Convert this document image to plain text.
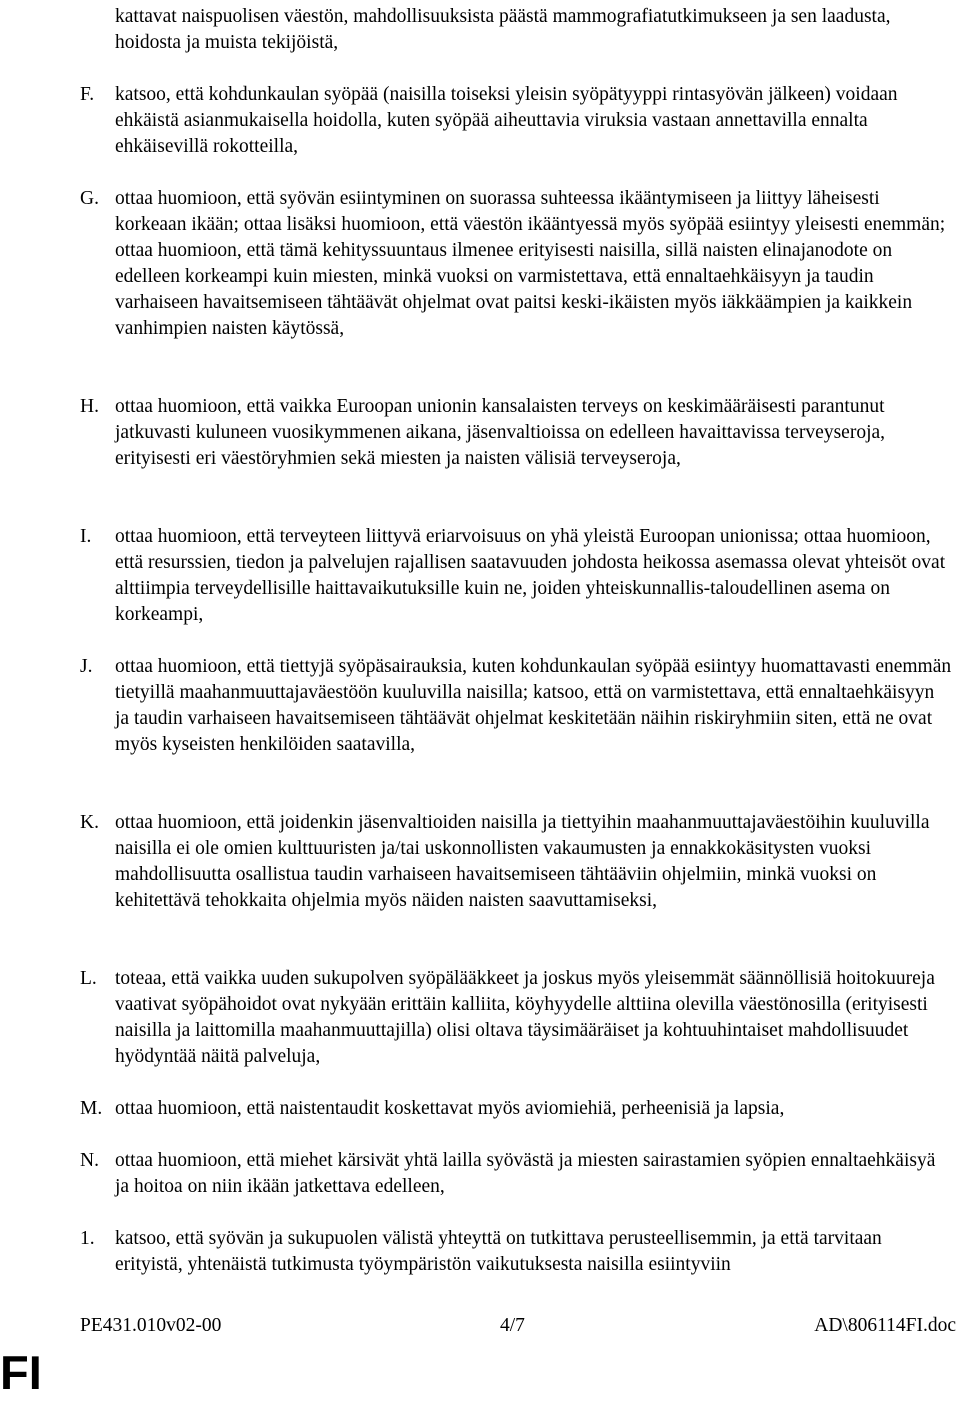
kattavat naispuolisen väestön, mahdollisuuksista päästä mammografiatutkimukseen ja sen laadusta, hoidosta ja muista tekijöistä,
F.	katsoo, että kohdunkaulan syöpää (naisilla toiseksi yleisin syöpätyyppi rintasyövän jälkeen) voidaan ehkäistä asianmukaisella hoidolla, kuten syöpää aiheuttavia viruksia vastaan annettavilla ennalta ehkäisevillä rokotteilla,
G. ottaa huomioon, että syövän esiintyminen on suorassa suhteessa ikääntymiseen ja liittyy läheisesti korkeaan ikään; ottaa lisäksi huomioon, että väestön ikääntyessä myös syöpää esiintyy yleisesti enemmän; ottaa huomioon, että tämä kehityssuuntaus ilmenee erityisesti naisilla, sillä naisten elinajanodote on edelleen korkeampi kuin miesten, minkä vuoksi on varmistettava, että ennaltaehkäisyyn ja taudin varhaiseen havaitsemiseen tähtäävät ohjelmat ovat paitsi keski-ikäisten myös iäkkäämpien ja kaikkein vanhimpien naisten käytössä,
H. ottaa huomioon, että vaikka Euroopan unionin kansalaisten terveys on keskimääräisesti parantunut jatkuvasti kuluneen vuosikymmenen aikana, jäsenvaltioissa on edelleen havaittavissa terveyseroja, erityisesti eri väestöryhmien sekä miesten ja naisten välisiä terveyseroja,
I.	ottaa huomioon, että terveyteen liittyvä eriarvoisuus on yhä yleistä Euroopan unionissa; ottaa huomioon, että resurssien, tiedon ja palvelujen rajallisen saatavuuden johdosta heikossa asemassa olevat yhteisöt ovat alttiimpia terveydellisille haittavaikutuksille kuin ne, joiden yhteiskunnallis-taloudellinen asema on korkeampi,
J.	ottaa huomioon, että tiettyjä syöpäsairauksia, kuten kohdunkaulan syöpää esiintyy huomattavasti enemmän tietyillä maahanmuuttajaväestöön kuuluvilla naisilla; katsoo, että on varmistettava, että ennaltaehkäisyyn ja taudin varhaiseen havaitsemiseen tähtäävät ohjelmat keskitetään näihin riskiryhmiin siten, että ne ovat myös kyseisten henkilöiden saatavilla,
K. ottaa huomioon, että joidenkin jäsenvaltioiden naisilla ja tiettyihin maahanmuuttajaväestöihin kuuluvilla naisilla ei ole omien kulttuuristen ja/tai uskonnollisten vakaumusten ja ennakkokäsitysten vuoksi mahdollisuutta osallistua taudin varhaiseen havaitsemiseen tähtääviin ohjelmiin, minkä vuoksi on kehitettävä tehokkaita ohjelmia myös näiden naisten saavuttamiseksi,
L. toteaa, että vaikka uuden sukupolven syöpälääkkeet ja joskus myös yleisemmät säännöllisiä hoitokuureja vaativat syöpähoidot ovat nykyään erittäin kalliita, köyhyydelle alttiina olevilla väestönosilla (erityisesti naisilla ja laittomilla maahanmuuttajilla) olisi oltava täysimääräiset ja kohtuuhintaiset mahdollisuudet hyödyntää näitä palveluja,
M. ottaa huomioon, että naistentaudit koskettavat myös aviomiehiä, perheenisiä ja lapsia,
N. ottaa huomioon, että miehet kärsivät yhtä lailla syövästä ja miesten sairastamien syöpien ennaltaehkäisyä ja hoitoa on niin ikään jatkettava edelleen,
1.	katsoo, että syövän ja sukupuolen välistä yhteyttä on tutkittava perusteellisemmin, ja että tarvitaan erityistä, yhtenäistä tutkimusta työympäristön vaikutuksesta naisilla esiintyviin
PE431.010v02-00	4/7	AD\806114FI.doc
FI
